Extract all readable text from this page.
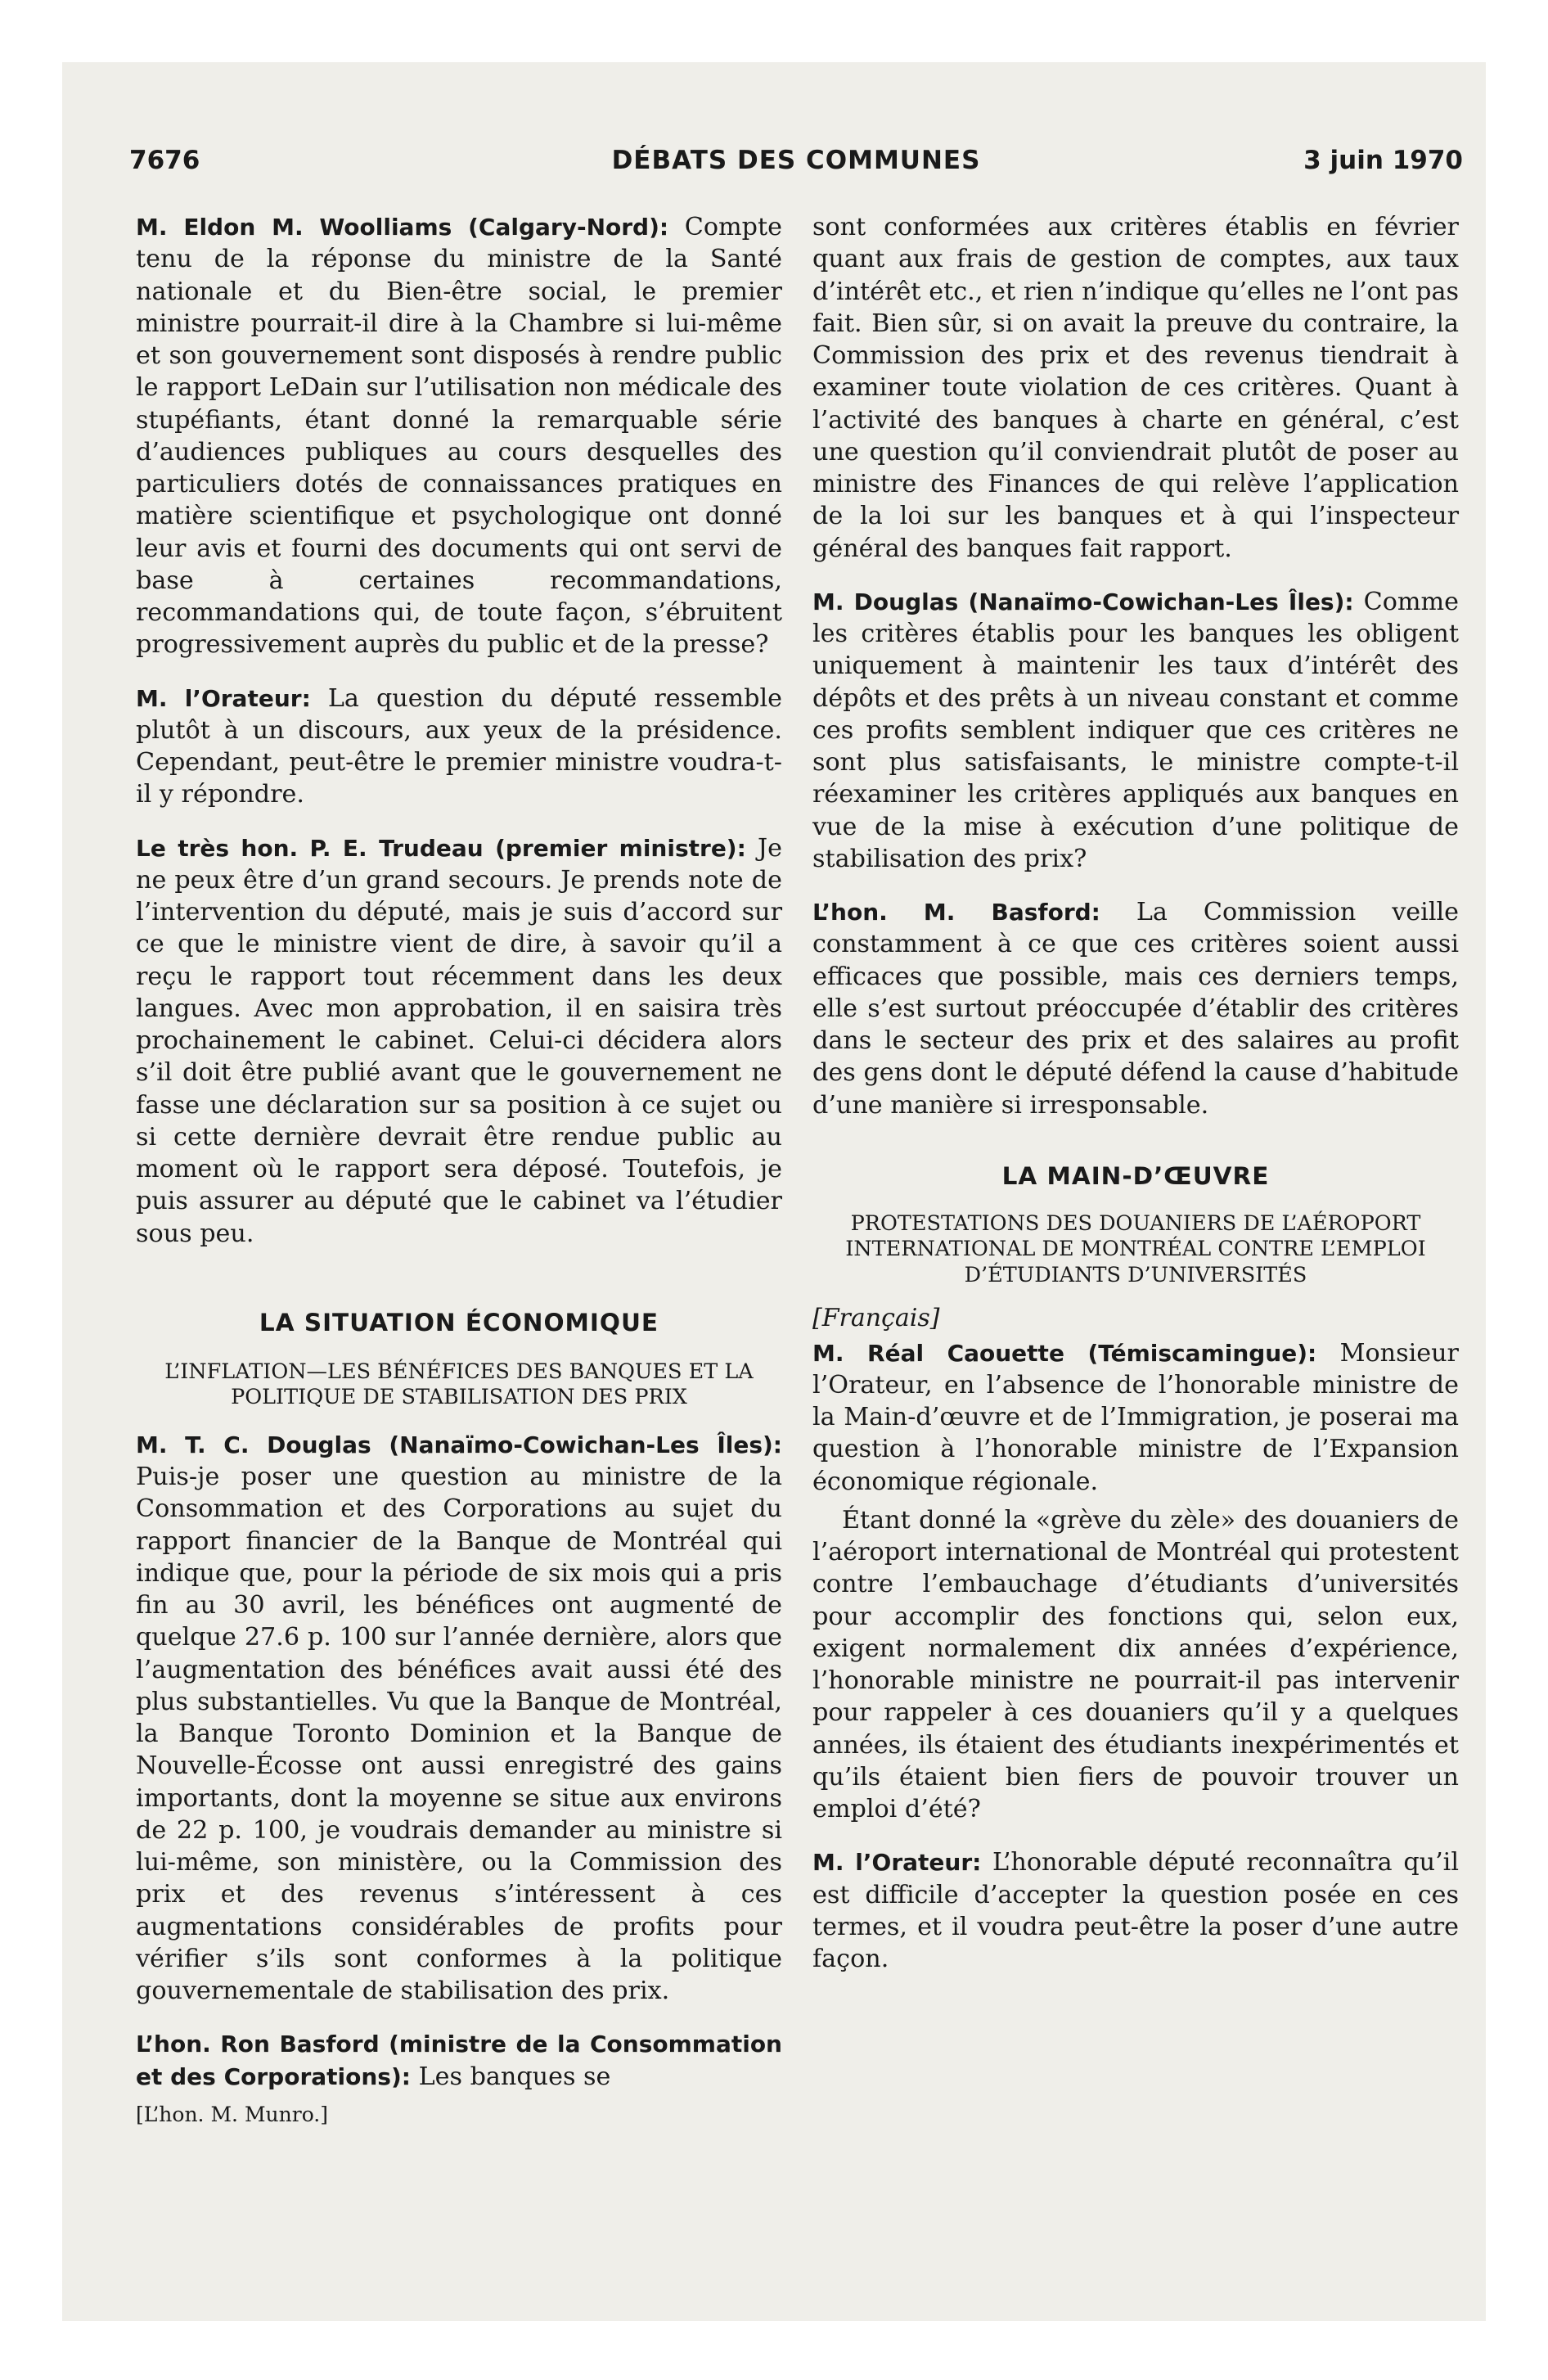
7676	DÉBATS DES COMMUNES	3 juin 1970

M. Eldon M. Woolliams (Calgary-Nord): Compte tenu de la réponse du ministre de la Santé nationale et du Bien-être social, le premier ministre pourrait-il dire à la Chambre si lui-même et son gouvernement sont disposés à rendre public le rapport LeDain sur l’utilisation non médicale des stupéfiants, étant donné la remarquable série d’audiences publiques au cours desquelles des particuliers dotés de connaissances pratiques en matière scientifique et psychologique ont donné leur avis et fourni des documents qui ont servi de base à certaines recommandations, recommandations qui, de toute façon, s’ébruitent progressivement auprès du public et de la presse?

M. l’Orateur: La question du député ressemble plutôt à un discours, aux yeux de la présidence. Cependant, peut-être le premier ministre voudra-t-il y répondre.

Le très hon. P. E. Trudeau (premier ministre): Je ne peux être d’un grand secours. Je prends note de l’intervention du député, mais je suis d’accord sur ce que le ministre vient de dire, à savoir qu’il a reçu le rapport tout récemment dans les deux langues. Avec mon approbation, il en saisira très prochainement le cabinet. Celui-ci décidera alors s’il doit être publié avant que le gouvernement ne fasse une déclaration sur sa position à ce sujet ou si cette dernière devrait être rendue public au moment où le rapport sera déposé. Toutefois, je puis assurer au député que le cabinet va l’étudier sous peu.

LA SITUATION ÉCONOMIQUE

L’INFLATION—LES BÉNÉFICES DES BANQUES ET LA POLITIQUE DE STABILISATION DES PRIX

M. T. C. Douglas (Nanaïmo-Cowichan-Les Îles): Puis-je poser une question au ministre de la Consommation et des Corporations au sujet du rapport financier de la Banque de Montréal qui indique que, pour la période de six mois qui a pris fin au 30 avril, les bénéfices ont augmenté de quelque 27.6 p. 100 sur l’année dernière, alors que l’augmentation des bénéfices avait aussi été des plus substantielles. Vu que la Banque de Montréal, la Banque Toronto Dominion et la Banque de Nouvelle-Écosse ont aussi enregistré des gains importants, dont la moyenne se situe aux environs de 22 p. 100, je voudrais demander au ministre si lui-même, son ministère, ou la Commission des prix et des revenus s’intéressent à ces augmentations considérables de profits pour vérifier s’ils sont conformes à la politique gouvernementale de stabilisation des prix.

L’hon. Ron Basford (ministre de la Consommation et des Corporations): Les banques se

[L’hon. M. Munro.]

sont conformées aux critères établis en février quant aux frais de gestion de comptes, aux taux d’intérêt etc., et rien n’indique qu’elles ne l’ont pas fait. Bien sûr, si on avait la preuve du contraire, la Commission des prix et des revenus tiendrait à examiner toute violation de ces critères. Quant à l’activité des banques à charte en général, c’est une question qu’il conviendrait plutôt de poser au ministre des Finances de qui relève l’application de la loi sur les banques et à qui l’inspecteur général des banques fait rapport.

M. Douglas (Nanaïmo-Cowichan-Les Îles): Comme les critères établis pour les banques les obligent uniquement à maintenir les taux d’intérêt des dépôts et des prêts à un niveau constant et comme ces profits semblent indiquer que ces critères ne sont plus satisfaisants, le ministre compte-t-il réexaminer les critères appliqués aux banques en vue de la mise à exécution d’une politique de stabilisation des prix?

L’hon. M. Basford: La Commission veille constamment à ce que ces critères soient aussi efficaces que possible, mais ces derniers temps, elle s’est surtout préoccupée d’établir des critères dans le secteur des prix et des salaires au profit des gens dont le député défend la cause d’habitude d’une manière si irresponsable.

LA MAIN-D’ŒUVRE

PROTESTATIONS DES DOUANIERS DE L’AÉROPORT INTERNATIONAL DE MONTRÉAL CONTRE L’EMPLOI D’ÉTUDIANTS D’UNIVERSITÉS

[Français]

M. Réal Caouette (Témiscamingue): Monsieur l’Orateur, en l’absence de l’honorable ministre de la Main-d’œuvre et de l’Immigration, je poserai ma question à l’honorable ministre de l’Expansion économique régionale.

Étant donné la «grève du zèle» des douaniers de l’aéroport international de Montréal qui protestent contre l’embauchage d’étudiants d’universités pour accomplir des fonctions qui, selon eux, exigent normalement dix années d’expérience, l’honorable ministre ne pourrait-il pas intervenir pour rappeler à ces douaniers qu’il y a quelques années, ils étaient des étudiants inexpérimentés et qu’ils étaient bien fiers de pouvoir trouver un emploi d’été?

M. l’Orateur: L’honorable député reconnaîtra qu’il est difficile d’accepter la question posée en ces termes, et il voudra peut-être la poser d’une autre façon.
